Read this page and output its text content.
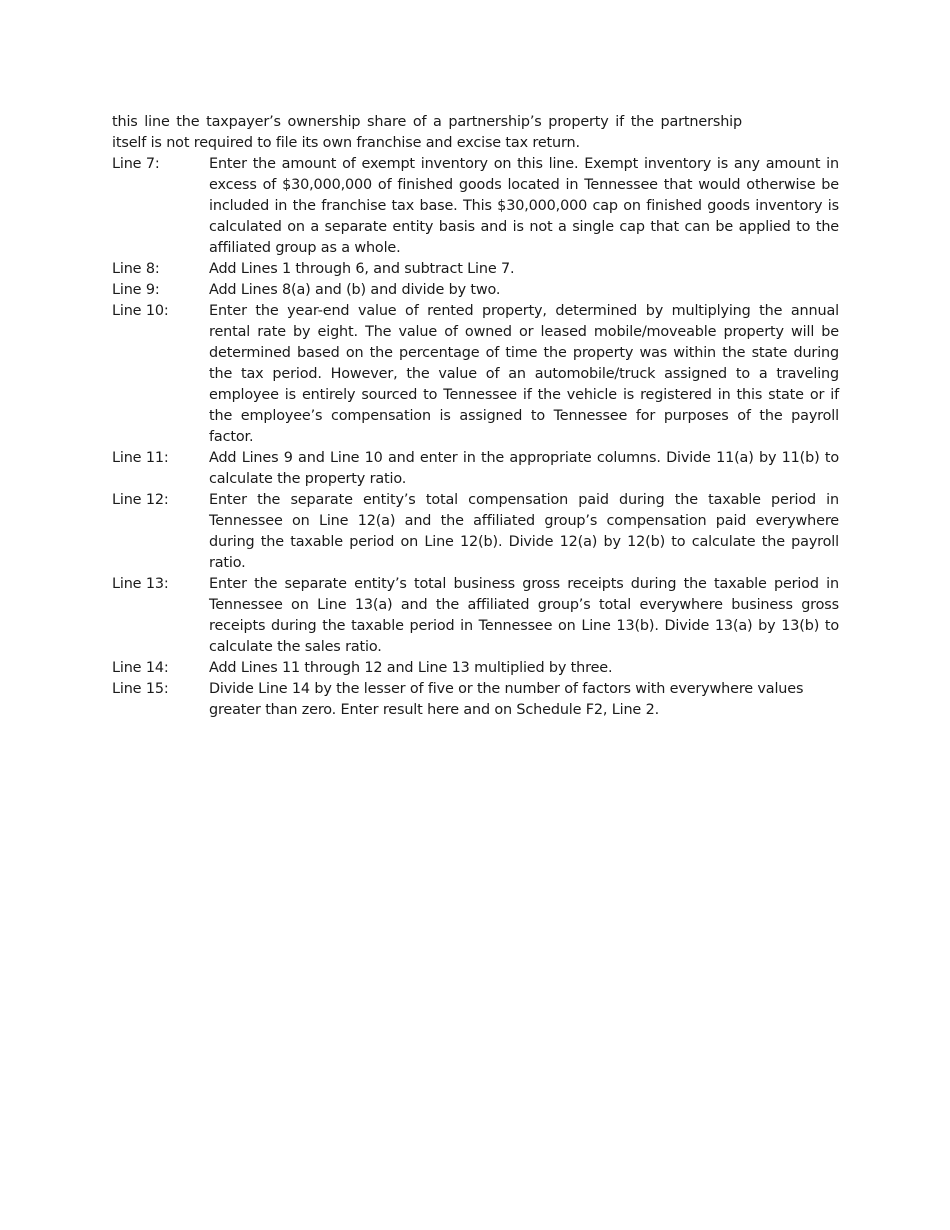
this line the taxpayer’s ownership share of a partnership’s property if the partnership itself is not required to file its own franchise and excise tax return.

Line 7:	Enter the amount of exempt inventory on this line. Exempt inventory is any amount in excess of $30,000,000 of finished goods located in Tennessee that would otherwise be included in the franchise tax base. This $30,000,000 cap on finished goods inventory is calculated on a separate entity basis and is not a single cap that can be applied to the affiliated group as a whole.
Line 8:	Add Lines 1 through 6, and subtract Line 7.
Line 9:	Add Lines 8(a) and (b) and divide by two.
Line 10:	Enter the year-end value of rented property, determined by multiplying the annual rental rate by eight. The value of owned or leased mobile/moveable property will be determined based on the percentage of time the property was within the state during the tax period. However, the value of an automobile/truck assigned to a traveling employee is entirely sourced to Tennessee if the vehicle is registered in this state or if the employee’s compensation is assigned to Tennessee for purposes of the payroll factor.
Line 11:	Add Lines 9 and Line 10 and enter in the appropriate columns. Divide 11(a) by 11(b) to calculate the property ratio.
Line 12:	Enter the separate entity’s total compensation paid during the taxable period in Tennessee on Line 12(a) and the affiliated group’s compensation paid everywhere during the taxable period on Line 12(b). Divide 12(a) by 12(b) to calculate the payroll ratio.
Line 13:	Enter the separate entity’s total business gross receipts during the taxable period in Tennessee on Line 13(a) and the affiliated group’s total everywhere business gross receipts during the taxable period in Tennessee on Line 13(b). Divide 13(a) by 13(b) to calculate the sales ratio.
Line 14:	Add Lines 11 through 12 and Line 13 multiplied by three.
Line 15:	Divide Line 14 by the lesser of five or the number of factors with everywhere values greater than zero. Enter result here and on Schedule F2, Line 2.
